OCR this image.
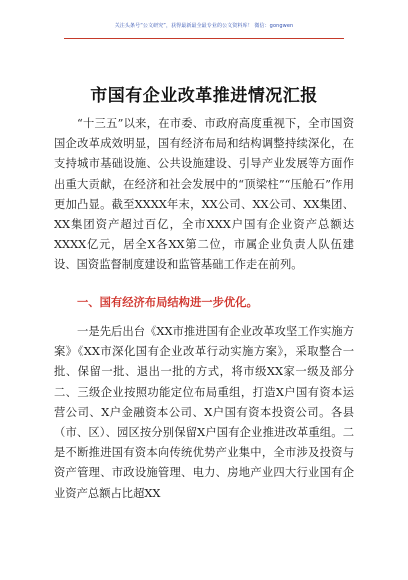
关注头条号“公文研究”，获得最新最全最专业的公文资料库！ 微信：gongwen
市国有企业改革推进情况汇报

“十三五”以来，在市委、市政府高度重视下，全市国资国企改革成效明显，国有经济布局和结构调整持续深化，在支持城市基础设施、公共设施建设、引导产业发展等方面作出重大贡献，在经济和社会发展中的“顶梁柱”“压舱石”作用更加凸显。截至XXXX年末，XX公司、XX公司、XX集团、XX集团资产超过百亿，全市XXX户国有企业资产总额达XXXX亿元，居全X各XX第二位，市属企业负责人队伍建设、国资监督制度建设和监管基础工作走在前列。

一、国有经济布局结构进一步优化。

一是先后出台《XX市推进国有企业改革攻坚工作实施方案》《XX市深化国有企业改革行动实施方案》，采取整合一批、保留一批、退出一批的方式，将市级XX家一级及部分二、三级企业按照功能定位布局重组，打造X户国有资本运营公司、X户金融资本公司、X户国有资本投资公司。各县（市、区）、园区按分别保留X户国有企业推进改革重组。二是不断推进国有资本向传统优势产业集中，全市涉及投资与资产管理、市政设施管理、电力、房地产业四大行业国有企业资产总额占比超XX
